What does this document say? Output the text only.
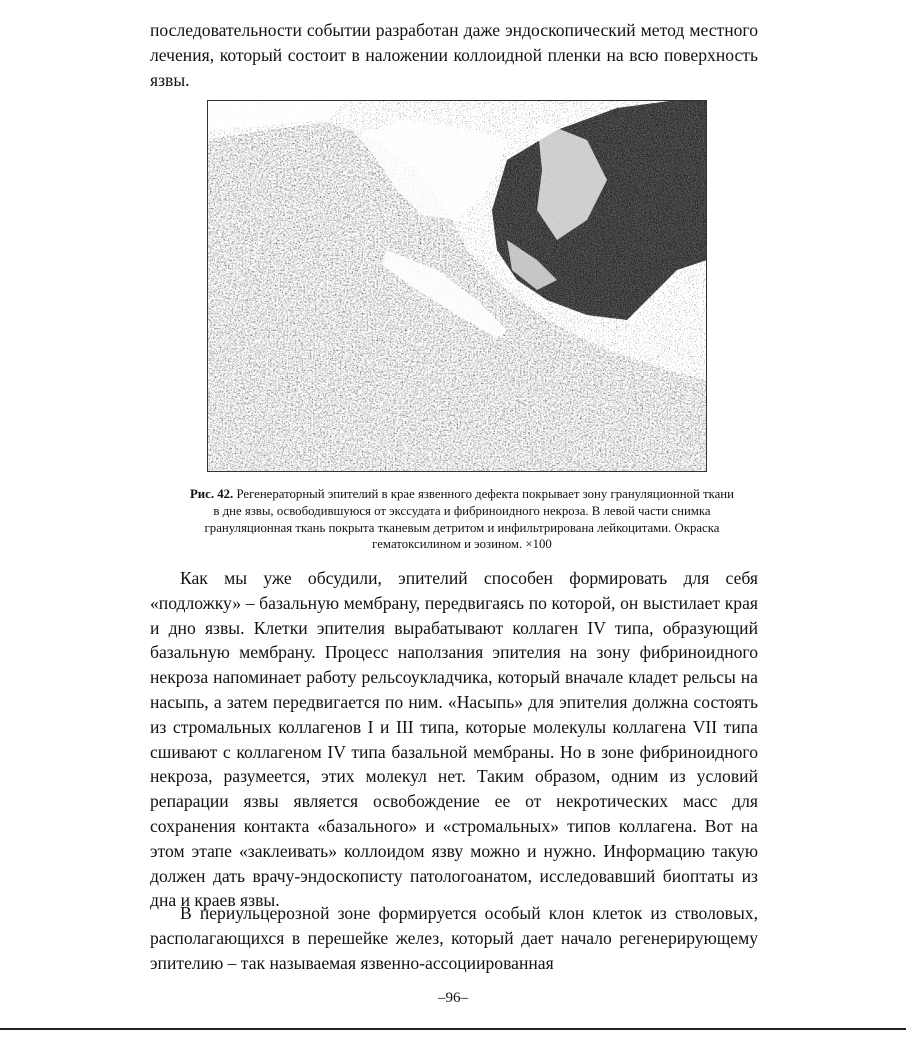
последовательности событии разработан даже эндоскопический метод местного лечения, который состоит в наложении коллоидной пленки на всю поверхность язвы.

Рис. 42. Регенераторный эпителий в крае язвенного дефекта покрывает зону грануляционной ткани в дне язвы, освободившуюся от экссудата и фибриноидного некроза. В левой части снимка грануляционная ткань покрыта тканевым детритом и инфильтрирована лейкоцитами. Окраска гематоксилином и эозином. ×100

Как мы уже обсудили, эпителий способен формировать для себя «подложку» – базальную мембрану, передвигаясь по которой, он выстилает края и дно язвы. Клетки эпителия вырабатывают коллаген IV типа, образующий базальную мембрану. Процесс наползания эпителия на зону фибриноидного некроза напоминает работу рельсоукладчика, который вначале кладет рельсы на насыпь, а затем передвигается по ним. «Насыпь» для эпителия должна состоять из стромальных коллагенов I и III типа, которые молекулы коллагена VII типа сшивают с коллагеном IV типа базальной мембраны. Но в зоне фибриноидного некроза, разумеется, этих молекул нет. Таким образом, одним из условий репарации язвы является освобождение ее от некротических масс для сохранения контакта «базального» и «стромальных» типов коллагена. Вот на этом этапе «заклеивать» коллоидом язву можно и нужно. Информацию такую должен дать врачу-эндоскописту патологоанатом, исследовавший биоптаты из дна и краев язвы.

В периульцерозной зоне формируется особый клон клеток из стволовых, располагающихся в перешейке желез, который дает начало регенерирующему эпителию – так называемая язвенно-ассоциированная

–96–
